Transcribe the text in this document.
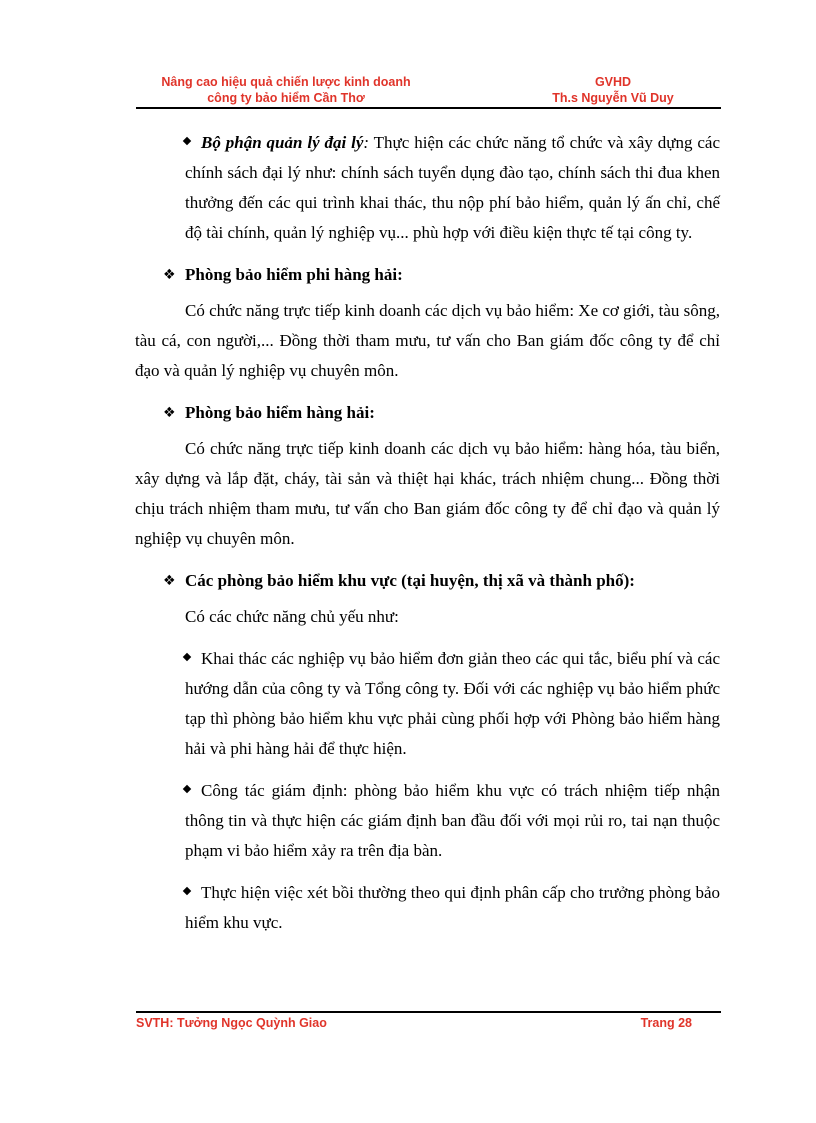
Nâng cao hiệu quả chiến lược kinh doanh
công ty bảo hiểm Cần Thơ
GVHD
Th.s Nguyễn Vũ Duy

Bộ phận quản lý đại lý: Thực hiện các chức năng tổ chức và xây dựng các chính sách đại lý như: chính sách tuyển dụng đào tạo, chính sách thi đua khen thưởng đến các qui trình khai thác, thu nộp phí bảo hiểm, quản lý ấn chỉ, chế độ tài chính, quản lý nghiệp vụ... phù hợp với điều kiện thực tế tại công ty.

❖ Phòng bảo hiểm phi hàng hải:

Có chức năng trực tiếp kinh doanh các dịch vụ bảo hiểm: Xe cơ giới, tàu sông, tàu cá, con người,... Đồng thời tham mưu, tư vấn cho Ban giám đốc công ty để chỉ đạo và quản lý nghiệp vụ chuyên môn.

❖ Phòng bảo hiểm hàng hải:

Có chức năng trực tiếp kinh doanh các dịch vụ bảo hiểm: hàng hóa, tàu biển, xây dựng và lắp đặt, cháy, tài sản và thiệt hại khác, trách nhiệm chung... Đồng thời chịu trách nhiệm tham mưu, tư vấn cho Ban giám đốc công ty để chỉ đạo và quản lý nghiệp vụ chuyên môn.

❖ Các phòng bảo hiểm khu vực (tại huyện, thị xã và thành phố):

Có các chức năng chủ yếu như:

Khai thác các nghiệp vụ bảo hiểm đơn giản theo các qui tắc, biểu phí và các hướng dẫn của công ty và Tổng công ty. Đối với các nghiệp vụ bảo hiểm phức tạp thì phòng bảo hiểm khu vực phải cùng phối hợp với Phòng bảo hiểm hàng hải và phi hàng hải để thực hiện.

Công tác giám định: phòng bảo hiểm khu vực có trách nhiệm tiếp nhận thông tin và thực hiện các giám định ban đầu đối với mọi rủi ro, tai nạn thuộc phạm vi bảo hiểm xảy ra trên địa bàn.

Thực hiện việc xét bồi thường theo qui định phân cấp cho trưởng phòng bảo hiểm khu vực.

SVTH: Tưởng Ngọc Quỳnh Giao	Trang 28
